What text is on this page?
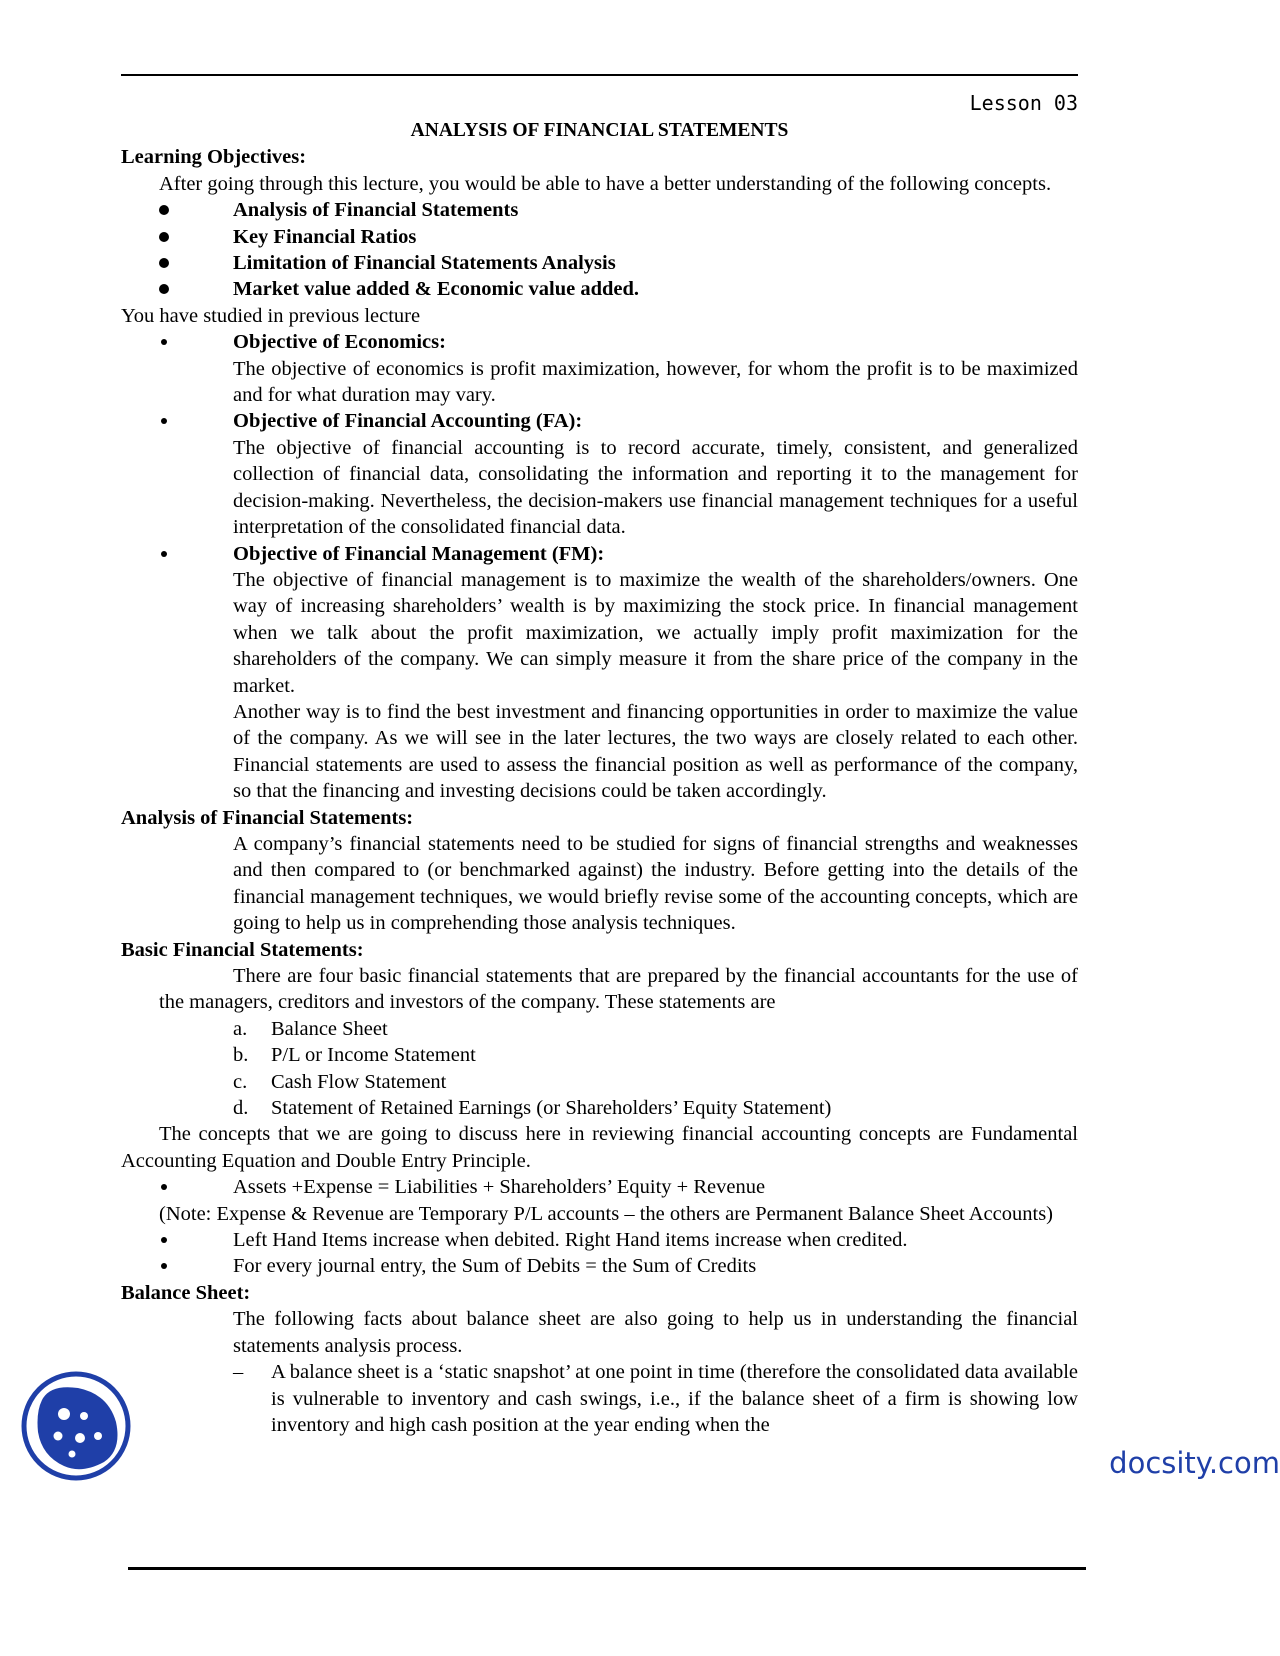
Lesson 03
ANALYSIS OF FINANCIAL STATEMENTS
Learning Objectives:
After going through this lecture, you would be able to have a better understanding of the following concepts.
Analysis of Financial Statements
Key Financial Ratios
Limitation of Financial Statements Analysis
Market value added & Economic value added.
You have studied in previous lecture
Objective of Economics:
The objective of economics is profit maximization, however, for whom the profit is to be maximized and for what duration may vary.
Objective of Financial Accounting (FA):
The objective of financial accounting is to record accurate, timely, consistent, and generalized collection of financial data, consolidating the information and reporting it to the management for decision-making. Nevertheless, the decision-makers use financial management techniques for a useful interpretation of the consolidated financial data.
Objective of Financial Management (FM):
The objective of financial management is to maximize the wealth of the shareholders/owners. One way of increasing shareholders’ wealth is by maximizing the stock price. In financial management when we talk about the profit maximization, we actually imply profit maximization for the shareholders of the company. We can simply measure it from the share price of the company in the market.
Another way is to find the best investment and financing opportunities in order to maximize the value of the company. As we will see in the later lectures, the two ways are closely related to each other. Financial statements are used to assess the financial position as well as performance of the company, so that the financing and investing decisions could be taken accordingly.
Analysis of Financial Statements:
A company’s financial statements need to be studied for signs of financial strengths and weaknesses and then compared to (or benchmarked against) the industry. Before getting into the details of the financial management techniques, we would briefly revise some of the accounting concepts, which are going to help us in comprehending those analysis techniques.
Basic Financial Statements:
There are four basic financial statements that are prepared by the financial accountants for the use of the managers, creditors and investors of the company. These statements are
a. Balance Sheet
b. P/L or Income Statement
c. Cash Flow Statement
d. Statement of Retained Earnings (or Shareholders’ Equity Statement)
The concepts that we are going to discuss here in reviewing financial accounting concepts are Fundamental Accounting Equation and Double Entry Principle.
Assets +Expense = Liabilities + Shareholders’ Equity + Revenue
(Note: Expense & Revenue are Temporary P/L accounts – the others are Permanent Balance Sheet Accounts)
Left Hand Items increase when debited. Right Hand items increase when credited.
For every journal entry, the Sum of Debits = the Sum of Credits
Balance Sheet:
The following facts about balance sheet are also going to help us in understanding the financial statements analysis process.
– A balance sheet is a ‘static snapshot’ at one point in time (therefore the consolidated data available is vulnerable to inventory and cash swings, i.e., if the balance sheet of a firm is showing low inventory and high cash position at the year ending when the
docsity.com
